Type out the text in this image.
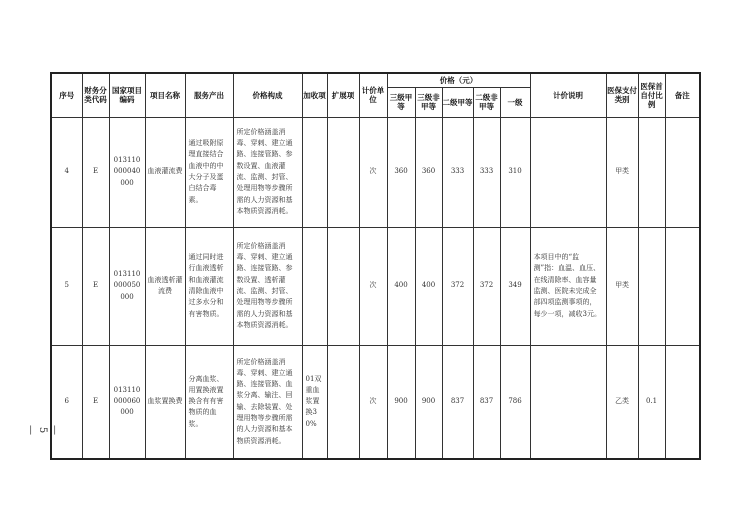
序号	财务分类代码	国家项目编码	项目名称	服务产出	价格构成	加收项	扩展项	计价单位	价格（元）					计价说明	医保支付类别	医保首自付比例	备注
									三级甲等	三级非甲等	二级甲等	二级非甲等	一级				
4	E	013110000040000	血液灌流费	通过吸附原理直接结合血液中的中大分子及蛋白结合毒素。	所定价格涵盖消毒、穿刺、建立通路、连接管路、参数设置、血液灌流、监测、封管、处理用物等步骤所需的人力资源和基本物质资源消耗。			次	360	360	333	333	310		甲类		
5	E	013110000050000	血液透析灌流费	通过同时进行血液透析和血液灌流清除血液中过多水分和有害物质。	所定价格涵盖消毒、穿刺、建立通路、连接管路、参数设置、透析灌流、监测、封管、处理用物等步骤所需的人力资源和基本物质资源消耗。			次	400	400	372	372	349	本项目中的“监测”指：血温、血压、在线清除率、血容量监测、医院未完成全部四项监测事项的，每少一项，减收3元。	甲类		
6	E	013110000060000	血浆置换费	分离血浆、用置换液置换含有有害物质的血浆。	所定价格涵盖消毒、穿刺、建立通路、连接管路、血浆分离、输注、回输、去除装置、处理用物等步骤所需的人力资源和基本物质资源消耗。	01双重血浆置换30%		次	900	900	837	837	786		乙类	0.1	
— 5 —
